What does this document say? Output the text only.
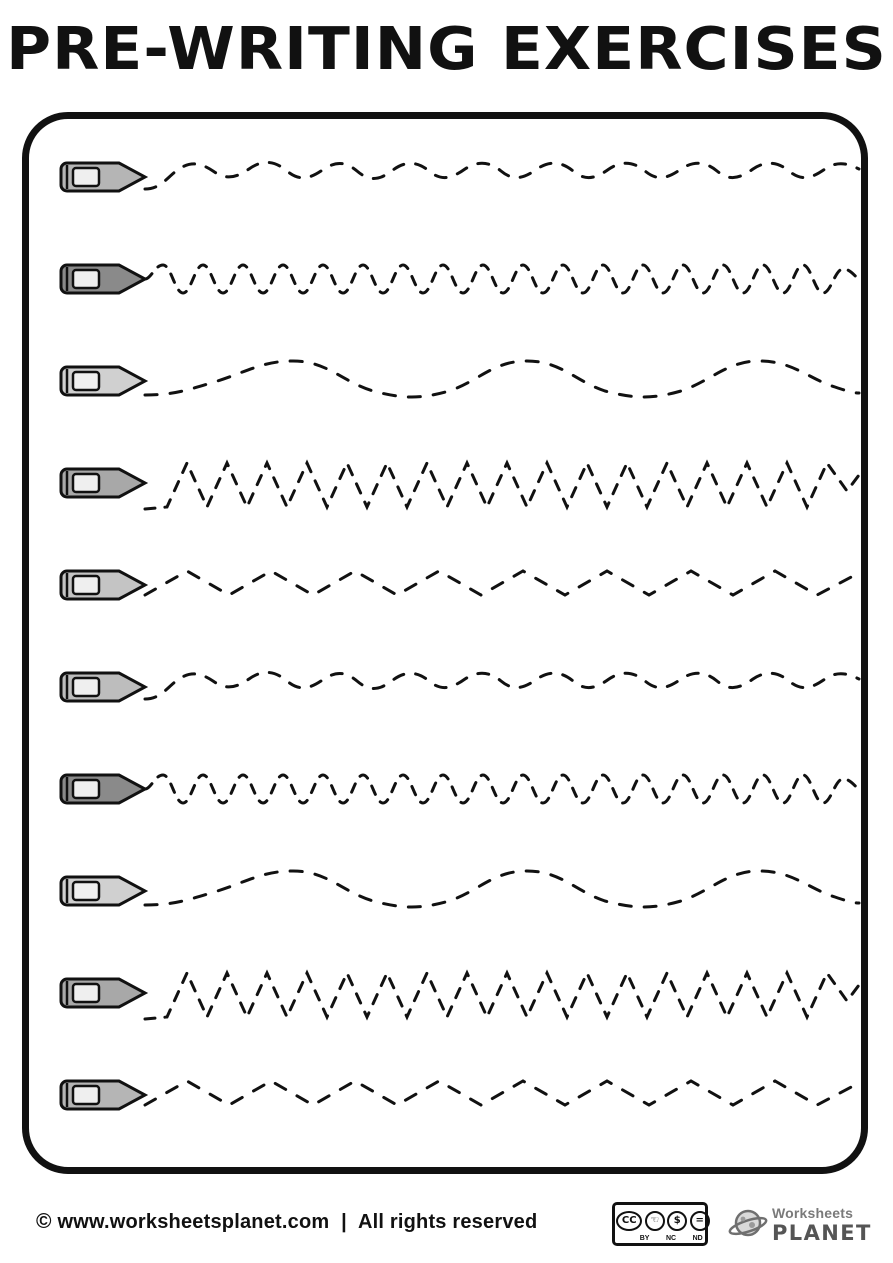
PRE-WRITING EXERCISES
© www.worksheetsplanet.com | All rights reserved	CC	☜	$	=
BY NC ND
Worksheets
PLANET
